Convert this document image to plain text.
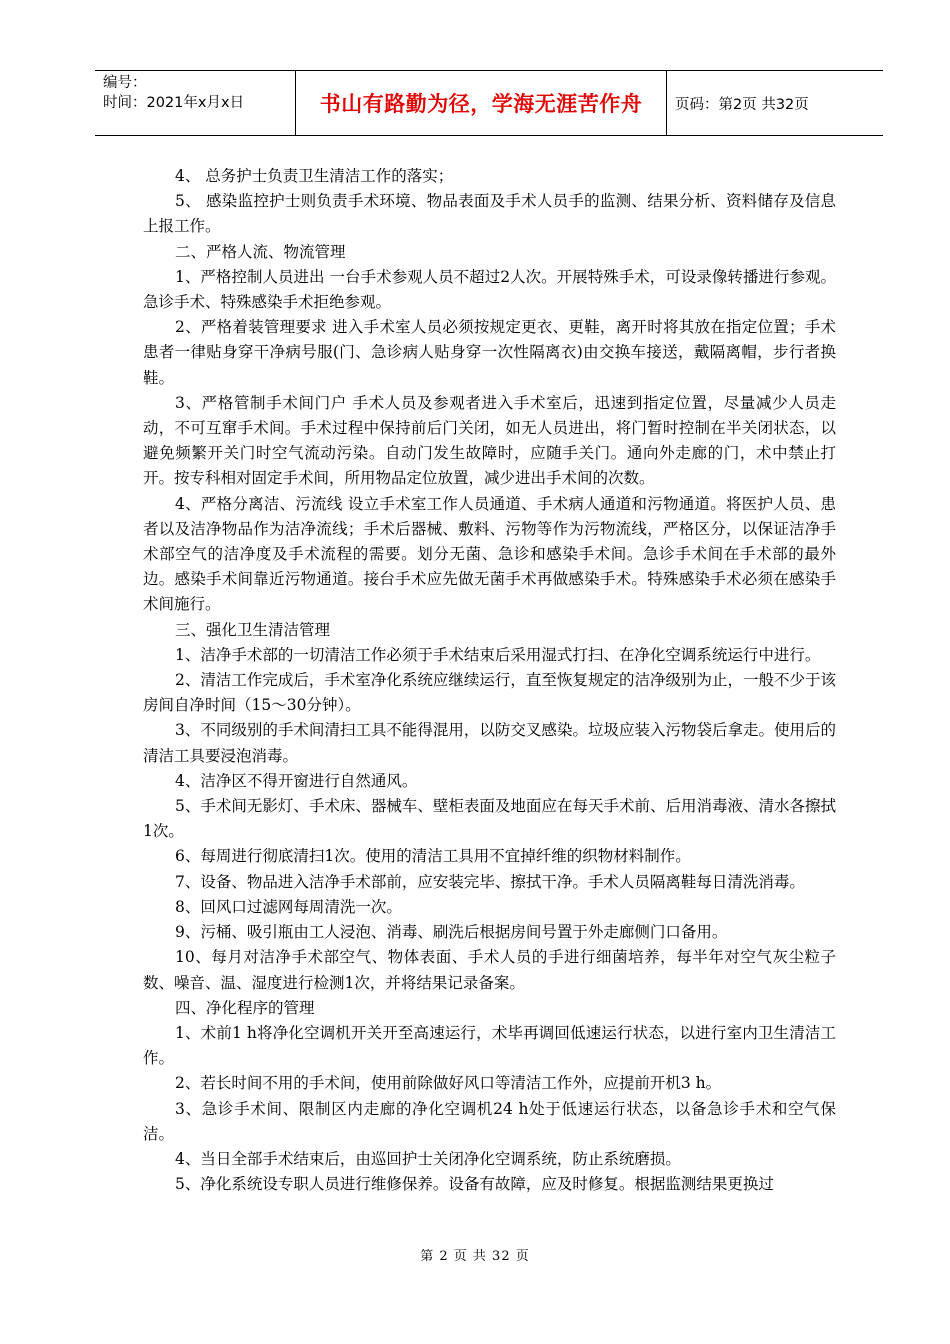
编号：
时间：2021年x月x日	书山有路勤为径，学海无涯苦作舟	页码：第2页 共32页

4、 总务护士负责卫生清洁工作的落实；

5、 感染监控护士则负责手术环境、物品表面及手术人员手的监测、结果分析、资料储存及信息上报工作。

二、严格人流、物流管理

1、严格控制人员进出 一台手术参观人员不超过2人次。开展特殊手术，可设录像转播进行参观。急诊手术、特殊感染手术拒绝参观。

2、严格着装管理要求 进入手术室人员必须按规定更衣、更鞋，离开时将其放在指定位置；手术患者一律贴身穿干净病号服(门、急诊病人贴身穿一次性隔离衣)由交换车接送，戴隔离帽，步行者换鞋。

3、严格管制手术间门户 手术人员及参观者进入手术室后，迅速到指定位置，尽量减少人员走动，不可互窜手术间。手术过程中保持前后门关闭，如无人员进出，将门暂时控制在半关闭状态，以避免频繁开关门时空气流动污染。自动门发生故障时，应随手关门。通向外走廊的门，术中禁止打开。按专科相对固定手术间，所用物品定位放置，减少进出手术间的次数。

4、严格分离洁、污流线 设立手术室工作人员通道、手术病人通道和污物通道。将医护人员、患者以及洁净物品作为洁净流线；手术后器械、敷料、污物等作为污物流线，严格区分，以保证洁净手术部空气的洁净度及手术流程的需要。划分无菌、急诊和感染手术间。急诊手术间在手术部的最外边。感染手术间靠近污物通道。接台手术应先做无菌手术再做感染手术。特殊感染手术必须在感染手术间施行。

三、强化卫生清洁管理

1、洁净手术部的一切清洁工作必须于手术结束后采用湿式打扫、在净化空调系统运行中进行。

2、清洁工作完成后，手术室净化系统应继续运行，直至恢复规定的洁净级别为止，一般不少于该房间自净时间（15～30分钟）。

3、不同级别的手术间清扫工具不能得混用，以防交叉感染。垃圾应装入污物袋后拿走。使用后的清洁工具要浸泡消毒。

4、洁净区不得开窗进行自然通风。

5、手术间无影灯、手术床、器械车、壁柜表面及地面应在每天手术前、后用消毒液、清水各擦拭1次。

6、每周进行彻底清扫1次。使用的清洁工具用不宜掉纤维的织物材料制作。

7、设备、物品进入洁净手术部前，应安装完毕、擦拭干净。手术人员隔离鞋每日清洗消毒。

8、回风口过滤网每周清洗一次。

9、污桶、吸引瓶由工人浸泡、消毒、刷洗后根据房间号置于外走廊侧门口备用。

10、每月对洁净手术部空气、物体表面、手术人员的手进行细菌培养，每半年对空气灰尘粒子数、噪音、温、湿度进行检测1次，并将结果记录备案。

四、净化程序的管理

1、术前1 h将净化空调机开关开至高速运行，术毕再调回低速运行状态，以进行室内卫生清洁工作。

2、若长时间不用的手术间，使用前除做好风口等清洁工作外，应提前开机3 h。

3、急诊手术间、限制区内走廊的净化空调机24 h处于低速运行状态，以备急诊手术和空气保洁。

4、当日全部手术结束后，由巡回护士关闭净化空调系统，防止系统磨损。

5、净化系统设专职人员进行维修保养。设备有故障，应及时修复。根据监测结果更换过

第 2 页 共 32 页
